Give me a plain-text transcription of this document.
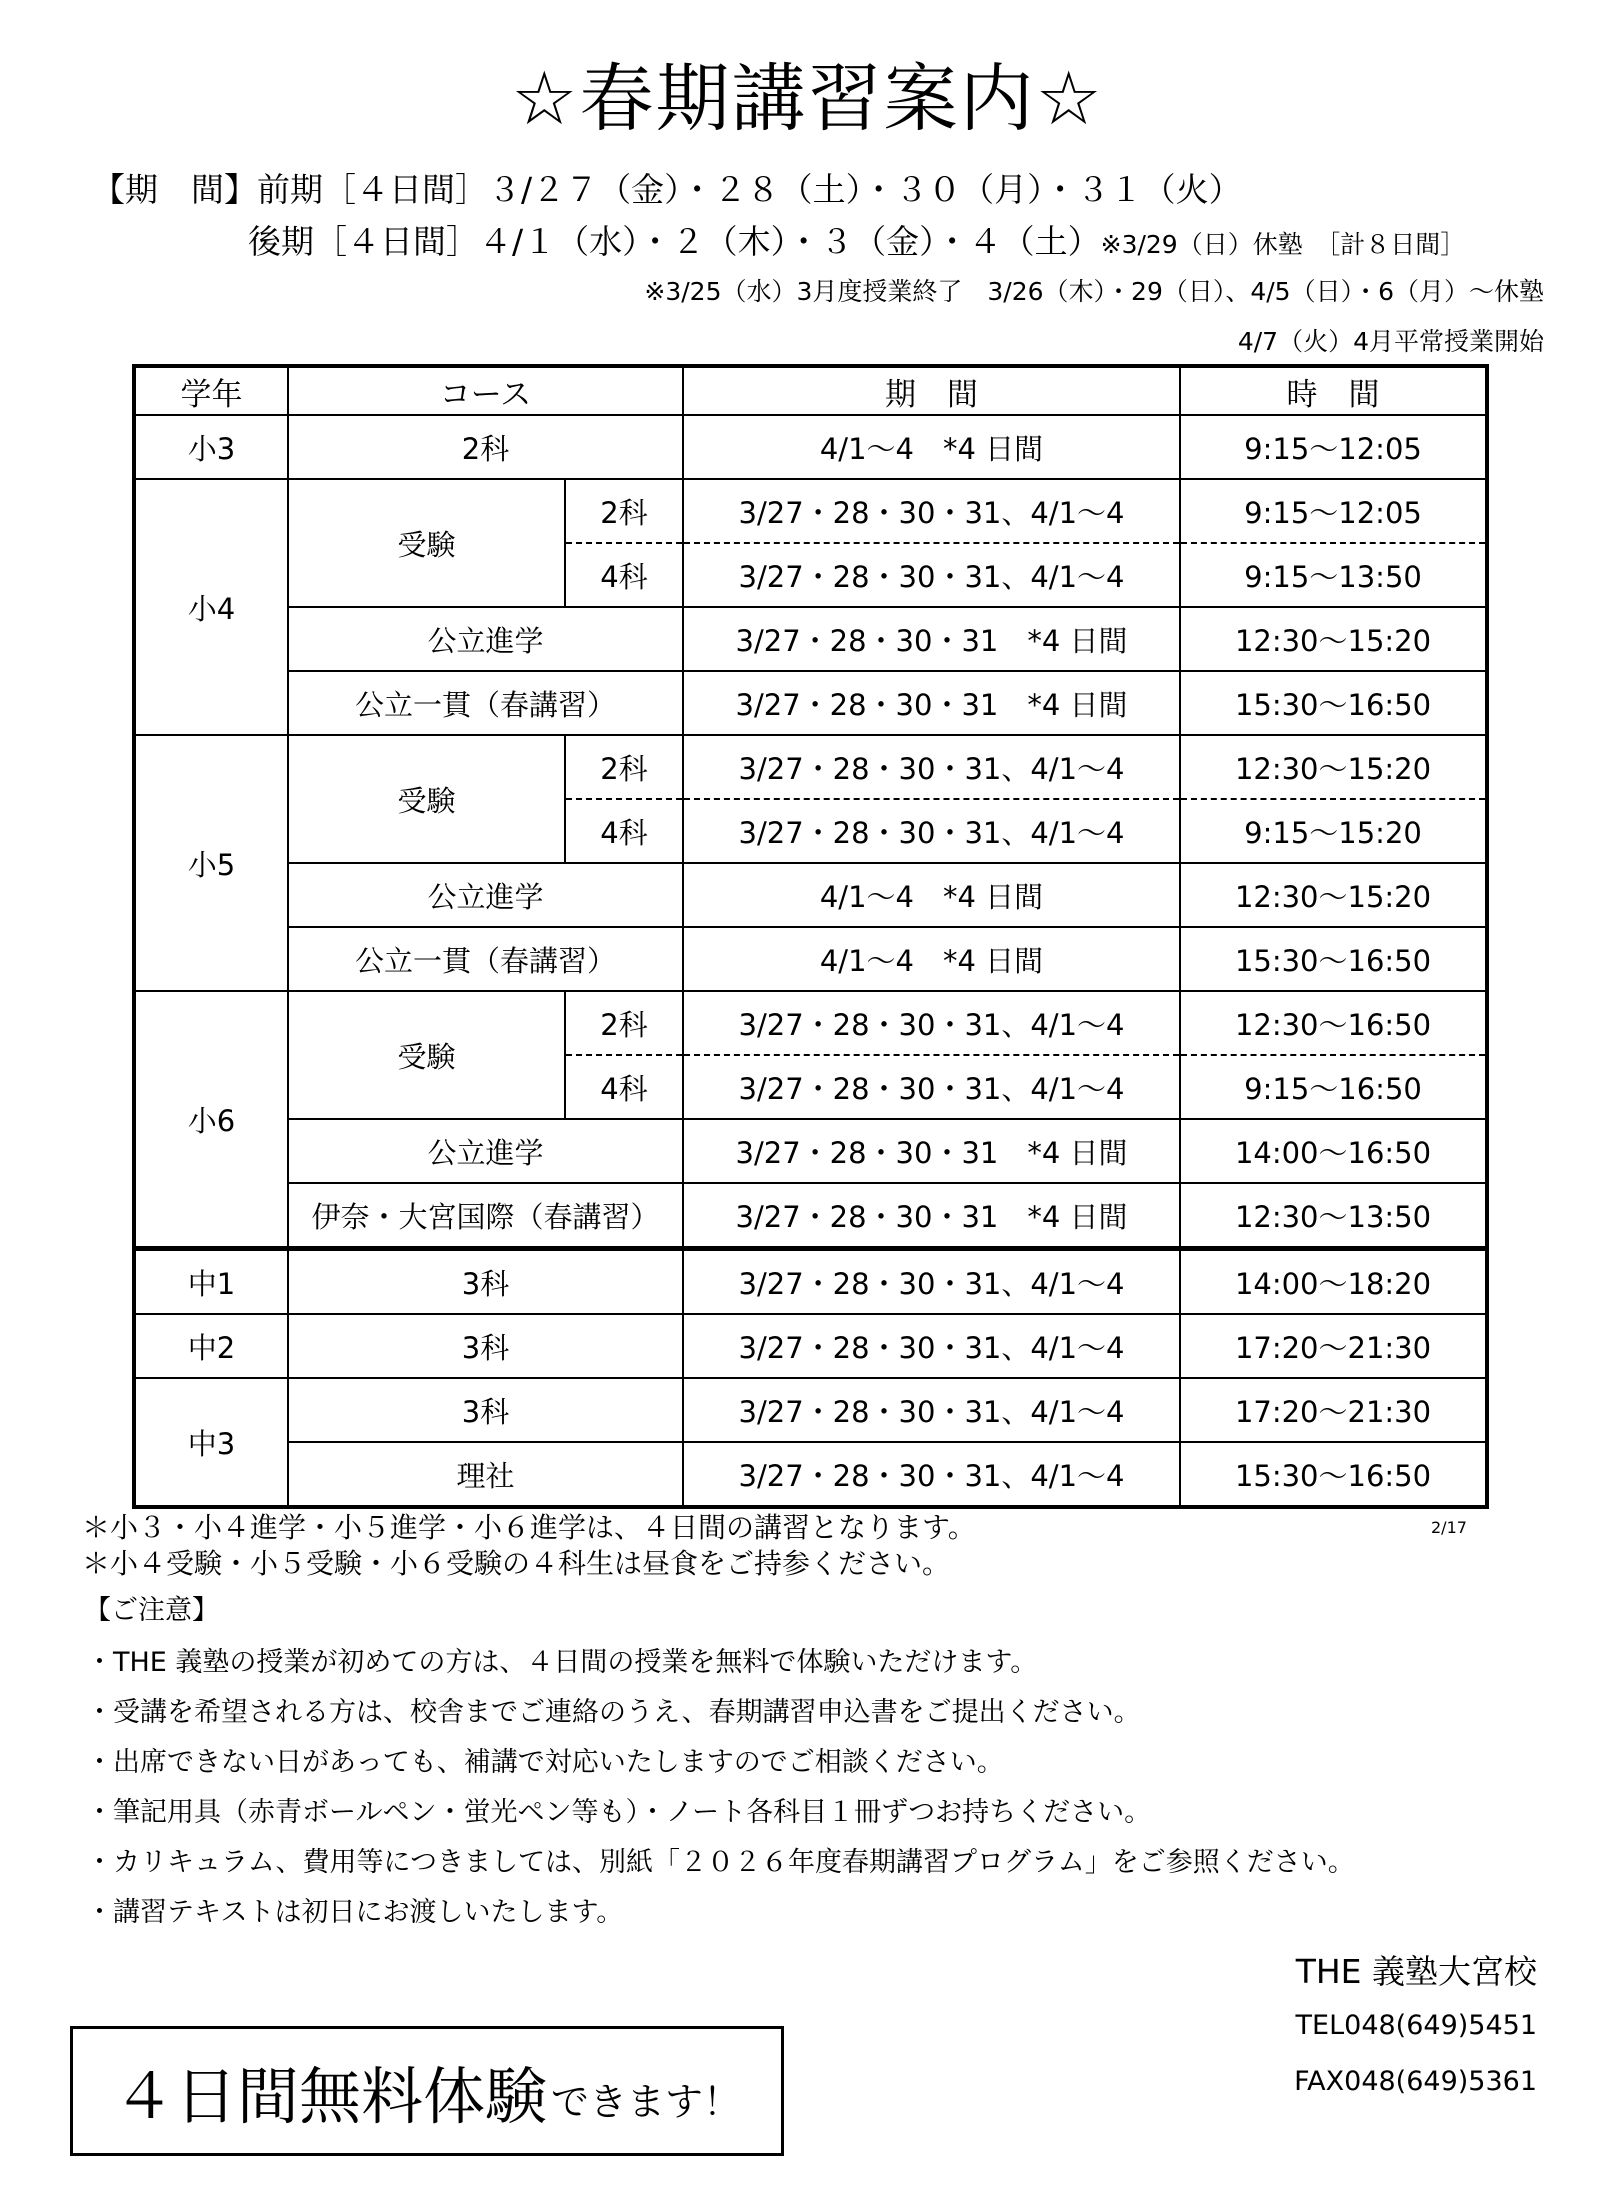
☆春期講習案内☆
【期　間】前期［４日間］３/２７（金）・２８（土）・３０（月）・３１（火）
後期［４日間］４/１（水）・２（木）・３（金）・４（土）※3/29（日）休塾　［計８日間］
※3/25（水）3月度授業終了　3/26（木）・29（日）、4/5（日）・6（月）～休塾
4/7（火）4月平常授業開始
学年	コース		期　間	時　間
小3	2科		4/1～4　*4 日間	9:15～12:05
小4	受験	2科	3/27・28・30・31、4/1～4	9:15～12:05
		4科	3/27・28・30・31、4/1～4	9:15～13:50
	公立進学		3/27・28・30・31　*4 日間	12:30～15:20
	公立一貫（春講習）		3/27・28・30・31　*4 日間	15:30～16:50
小5	受験	2科	3/27・28・30・31、4/1～4	12:30～15:20
		4科	3/27・28・30・31、4/1～4	9:15～15:20
	公立進学		4/1～4　*4 日間	12:30～15:20
	公立一貫（春講習）		4/1～4　*4 日間	15:30～16:50
小6	受験	2科	3/27・28・30・31、4/1～4	12:30～16:50
		4科	3/27・28・30・31、4/1～4	9:15～16:50
	公立進学		3/27・28・30・31　*4 日間	14:00～16:50
	伊奈・大宮国際（春講習）		3/27・28・30・31　*4 日間	12:30～13:50
中1	3科		3/27・28・30・31、4/1～4	14:00～18:20
中2	3科		3/27・28・30・31、4/1～4	17:20～21:30
中3	3科		3/27・28・30・31、4/1～4	17:20～21:30
	理社		3/27・28・30・31、4/1～4	15:30～16:50
＊小３・小４進学・小５進学・小６進学は、４日間の講習となります。
＊小４受験・小５受験・小６受験の４科生は昼食をご持参ください。
2/17
【ご注意】
・THE 義塾の授業が初めての方は、４日間の授業を無料で体験いただけます。
・受講を希望される方は、校舎までご連絡のうえ、春期講習申込書をご提出ください。
・出席できない日があっても、補講で対応いたしますのでご相談ください。
・筆記用具（赤青ボールペン・蛍光ペン等も）・ノート各科目１冊ずつお持ちください。
・カリキュラム、費用等につきましては、別紙「２０２６年度春期講習プログラム」をご参照ください。
・講習テキストは初日にお渡しいたします。
THE 義塾大宮校
TEL048(649)5451
FAX048(649)5361
４日間無料体験 できます！
